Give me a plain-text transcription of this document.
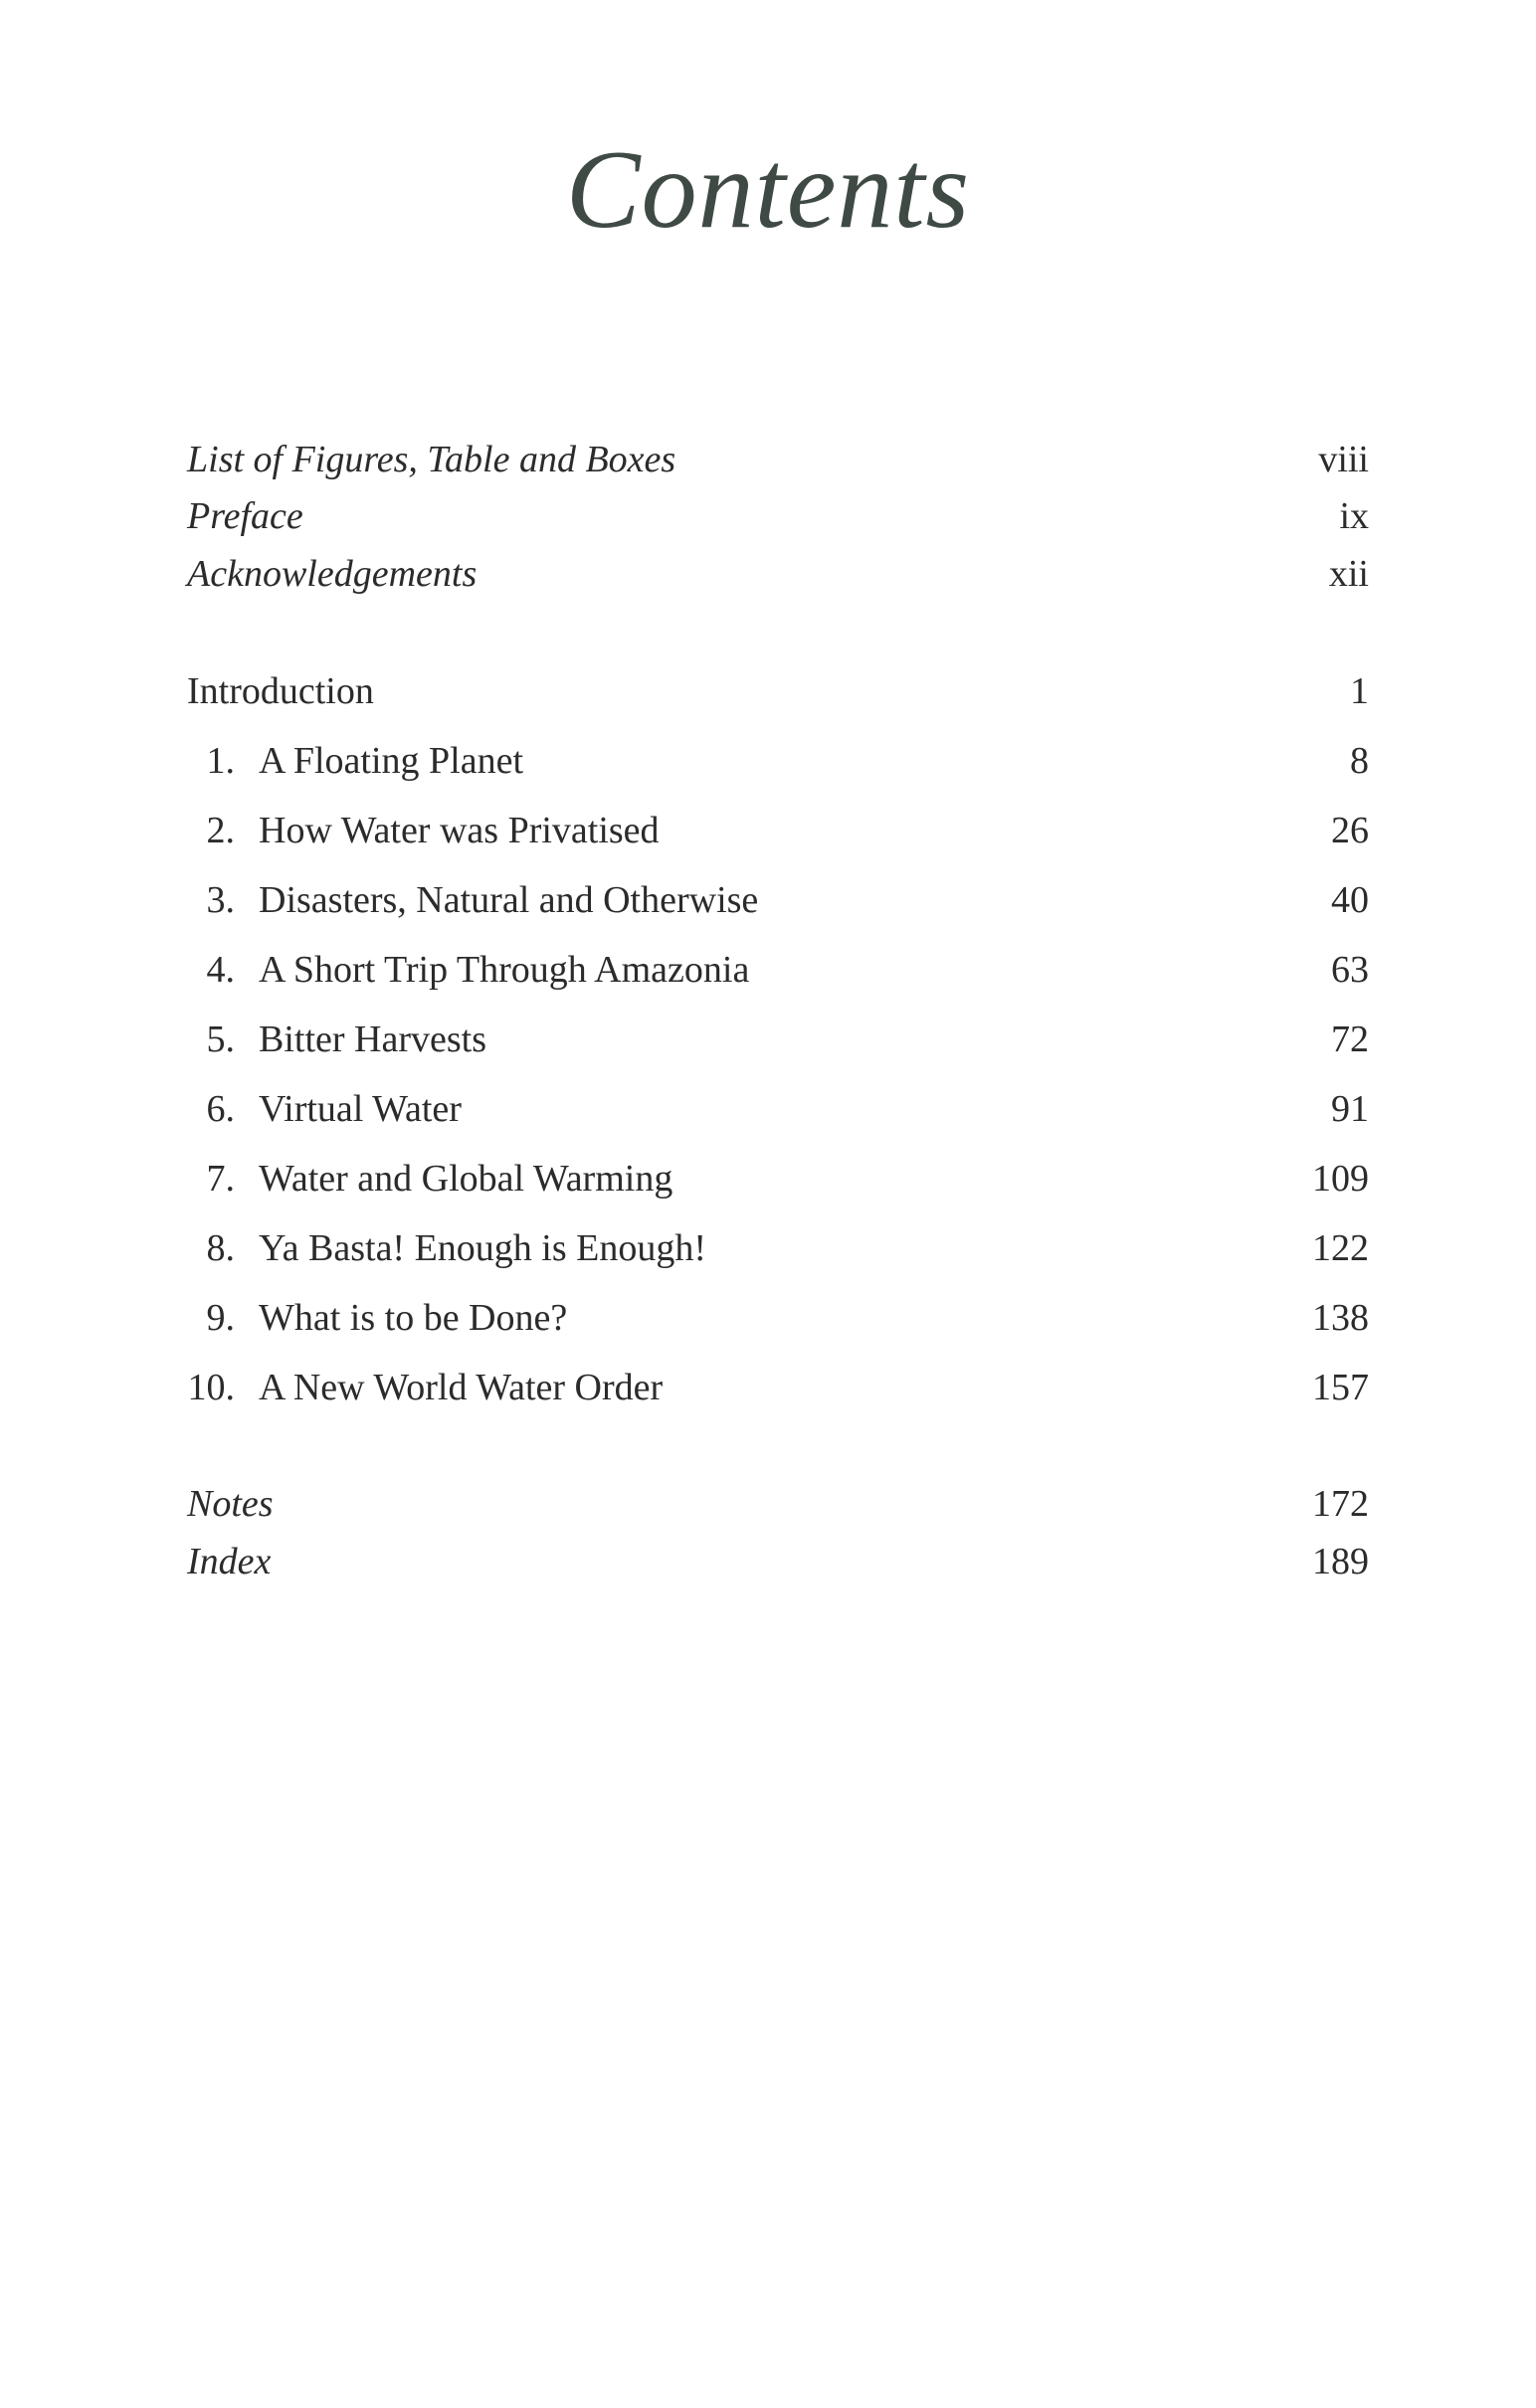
Contents
List of Figures, Table and Boxes	viii
Preface	ix
Acknowledgements	xii
Introduction	1
1. A Floating Planet	8
2. How Water was Privatised	26
3. Disasters, Natural and Otherwise	40
4. A Short Trip Through Amazonia	63
5. Bitter Harvests	72
6. Virtual Water	91
7. Water and Global Warming	109
8. Ya Basta! Enough is Enough!	122
9. What is to be Done?	138
10. A New World Water Order	157
Notes	172
Index	189
